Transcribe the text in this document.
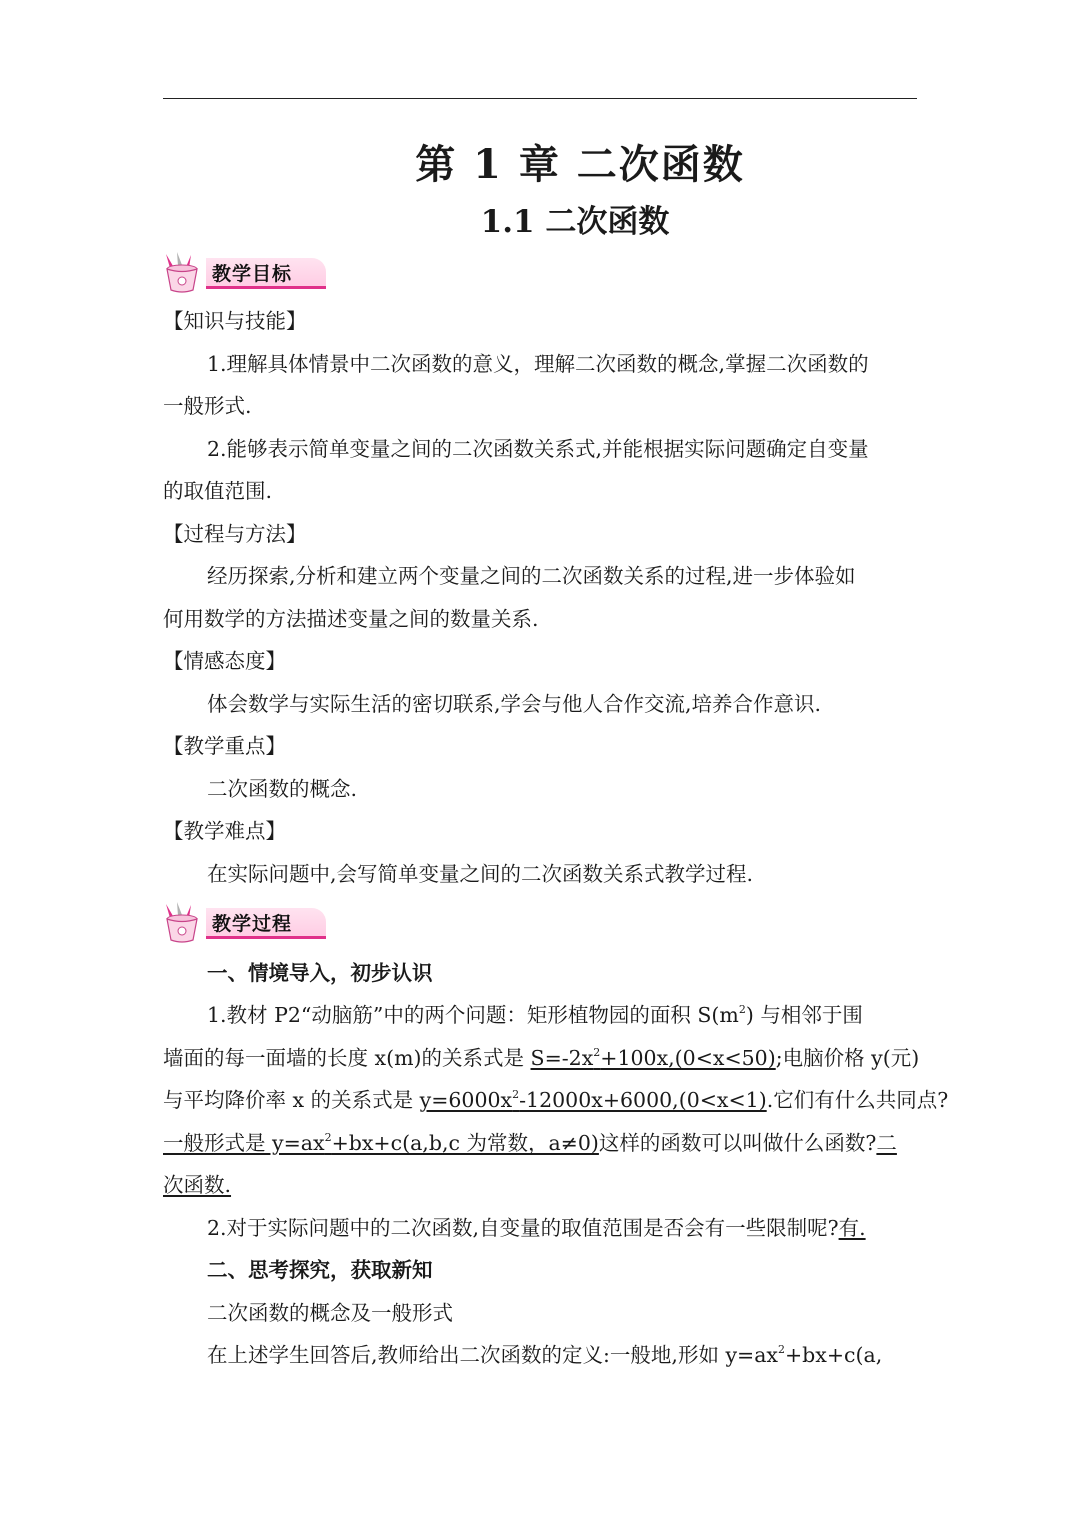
第 1 章 二次函数
1.1 二次函数
教学目标
【知识与技能】
1.理解具体情景中二次函数的意义，理解二次函数的概念,掌握二次函数的
一般形式.
2.能够表示简单变量之间的二次函数关系式,并能根据实际问题确定自变量
的取值范围.
【过程与方法】
经历探索,分析和建立两个变量之间的二次函数关系的过程,进一步体验如
何用数学的方法描述变量之间的数量关系.
【情感态度】
体会数学与实际生活的密切联系,学会与他人合作交流,培养合作意识.
【教学重点】
二次函数的概念.
【教学难点】
在实际问题中,会写简单变量之间的二次函数关系式教学过程.
教学过程
一、情境导入，初步认识
1.教材 P2“动脑筋”中的两个问题：矩形植物园的面积 $S(m^2)$ 与相邻于围
墙面的每一面墙的长度 x(m)的关系式是 $S=-2x^2+100x,(0<x<50)$;电脑价格 y(元)
与平均降价率 x 的关系式是 $y=6000x^2-12000x+6000,(0<x<1)$.它们有什么共同点?
一般形式是 $y=ax^2+bx+c(a,b,c$ 为常数，a≠0)这样的函数可以叫做什么函数?二
次函数.
2.对于实际问题中的二次函数,自变量的取值范围是否会有一些限制呢?有.
二、思考探究，获取新知
二次函数的概念及一般形式
在上述学生回答后,教师给出二次函数的定义:一般地,形如 $y=ax^2+bx+c(a$,
